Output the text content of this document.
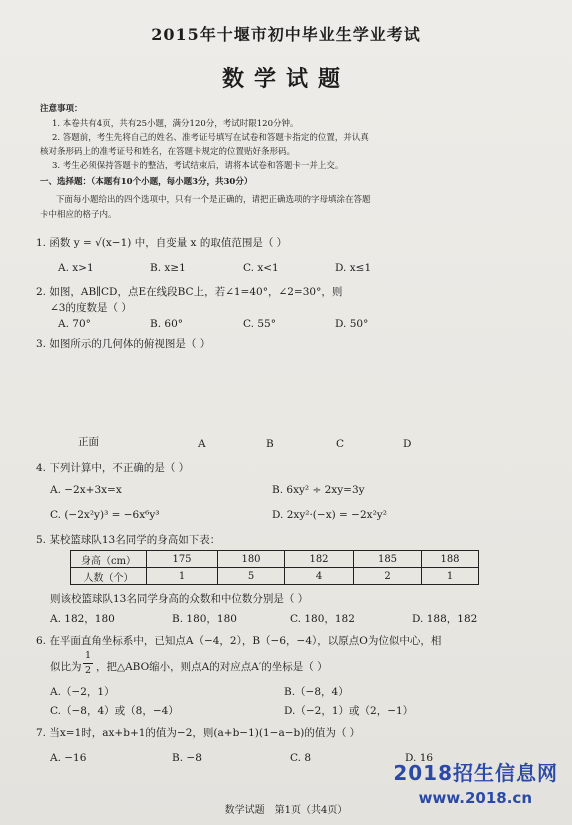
2015年十堰市初中毕业生学业考试
数学试题
注意事项：
1. 本卷共有4页，共有25小题，满分120分，考试时限120分钟。
2. 答题前，考生先将自己的姓名、准考证号填写在试卷和答题卡指定的位置，并认真
核对条形码上的准考证号和姓名，在答题卡规定的位置贴好条形码。
3. 考生必须保持答题卡的整洁，考试结束后，请将本试卷和答题卡一并上交。
一、选择题：（本题有10个小题，每小题3分，共30分）
下面每小题给出的四个选项中，只有一个是正确的，请把正确选项的字母填涂在答题
卡中相应的格子内。
1. 函数 y = √(x−1) 中，自变量 x 的取值范围是（ ）
A. x>1	B. x≥1	C. x<1	D. x≤1
2. 如图，AB∥CD，点E在线段BC上，若∠1=40°，∠2=30°，则
∠3的度数是（ ）
A. 70°	B. 60°	C. 55°	D. 50°
A	B
C	D
E
1
2
3
3. 如图所示的几何体的俯视图是（ ）
正面	A	B	C	D
4. 下列计算中，不正确的是（ ）
A. −2x+3x=x	B. 6xy² ÷ 2xy=3y
C. (−2x²y)³ = −6x⁶y³	D. 2xy²·(−x) = −2x²y²
5. 某校篮球队13名同学的身高如下表：
身高（cm）	175	180	182	185	188
人数（个）	1	5	4	2	1
则该校篮球队13名同学身高的众数和中位数分别是（ ）
A. 182，180	B. 180，180	C. 180，182	D. 188，182
6. 在平面直角坐标系中，已知点A（−4，2），B（−6，−4），以原点O为位似中心，相
似比为
1
2 ，把△ABO缩小，则点A的对应点A′的坐标是（ ）
A.（−2，1）	B.（−8，4）
C.（−8，4）或（8，−4）	D.（−2，1）或（2，−1）
7. 当x=1时，ax+b+1的值为−2，则(a+b−1)(1−a−b)的值为（ ）
A. −16	B. −8	C. 8	D. 16
数学试题　第1页（共4页）
2018招生信息网
www.2018.cn
